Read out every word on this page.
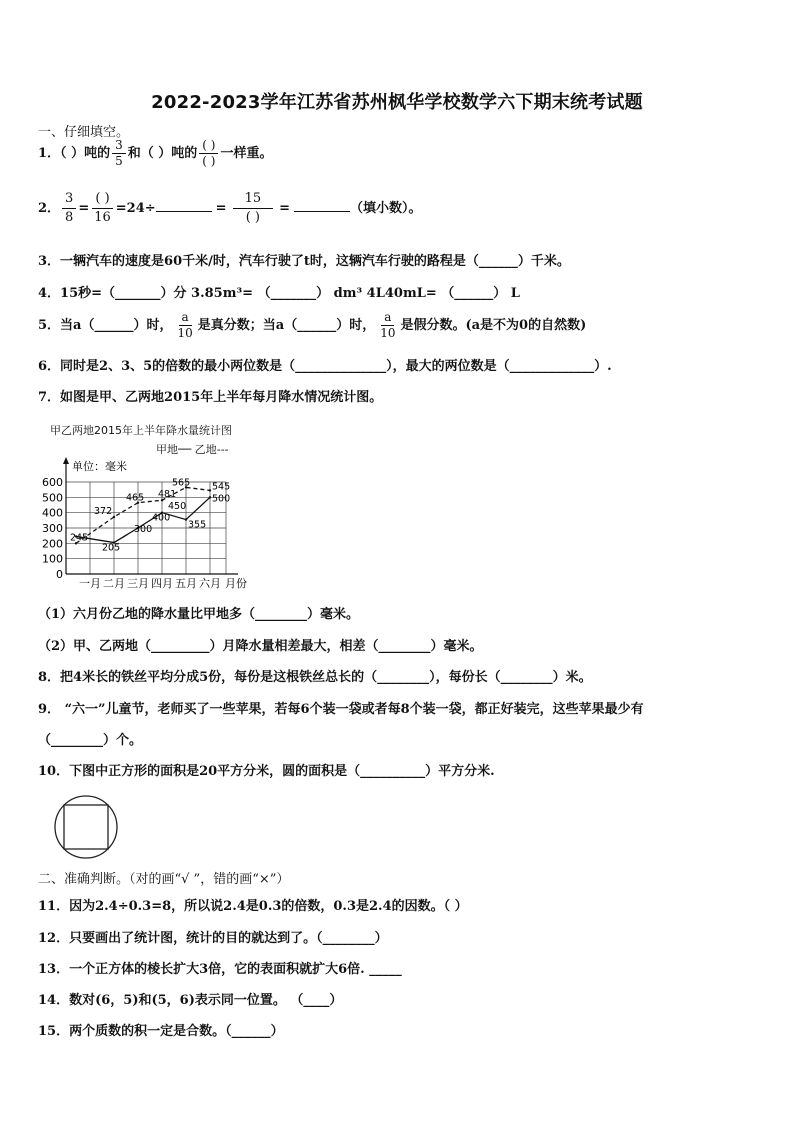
2022-2023学年江苏省苏州枫华学校数学六下期末统考试题
一、仔细填空。
1．（ ）吨的 $\frac{3}{5}$ 和（ ）吨的 $\frac{( )}{( )}$ 一样重。
2． $\frac{3}{8} = \frac{( )}{16} =24\div$	= $\frac{15}{( )}$ =	（填小数）。
3．一辆汽车的速度是60千米/时，汽车行驶了t时，这辆汽车行驶的路程是（______）千米。
4．15秒=（_______）分 3.85m³= （_______） dm³ 4L40mL= （______） L
5．当a（______）时， $\frac{a}{10}$ 是真分数；当a（______）时， $\frac{a}{10}$ 是假分数。(a是不为0的自然数)
6．同时是2、3、5的倍数的最小两位数是（______________），最大的两位数是（_____________）.
7．如图是甲、乙两地2015年上半年每月降水情况统计图。
甲乙两地2015年上半年降水量统计图
甲地── 乙地---
0
100
200
300
400
500
600
单位：毫米
一月 二月 三月 四月 五月 六月 月份
245
205
300
400
355
500
372
465 481
565
450
545
（1）六月份乙地的降水量比甲地多（________）毫米。
（2）甲、乙两地（_________）月降水量相差最大，相差（________）毫米。
8．把4米长的铁丝平均分成5份，每份是这根铁丝总长的（________），每份长（________）米。
9． “六一”儿童节，老师买了一些苹果，若每6个装一袋或者每8个装一袋，都正好装完，这些苹果最少有
（________）个。
10．下图中正方形的面积是20平方分米，圆的面积是（__________）平方分米.
二、准确判断。（对的画“√ ”，错的画“×”）
11．因为2.4÷0.3=8，所以说2.4是0.3的倍数，0.3是2.4的因数。（ ）
12．只要画出了统计图，统计的目的就达到了。（________）
13．一个正方体的棱长扩大3倍，它的表面积就扩大6倍. _____
14．数对(6，5)和(5，6)表示同一位置。 （____）
15．两个质数的积一定是合数。（______）
